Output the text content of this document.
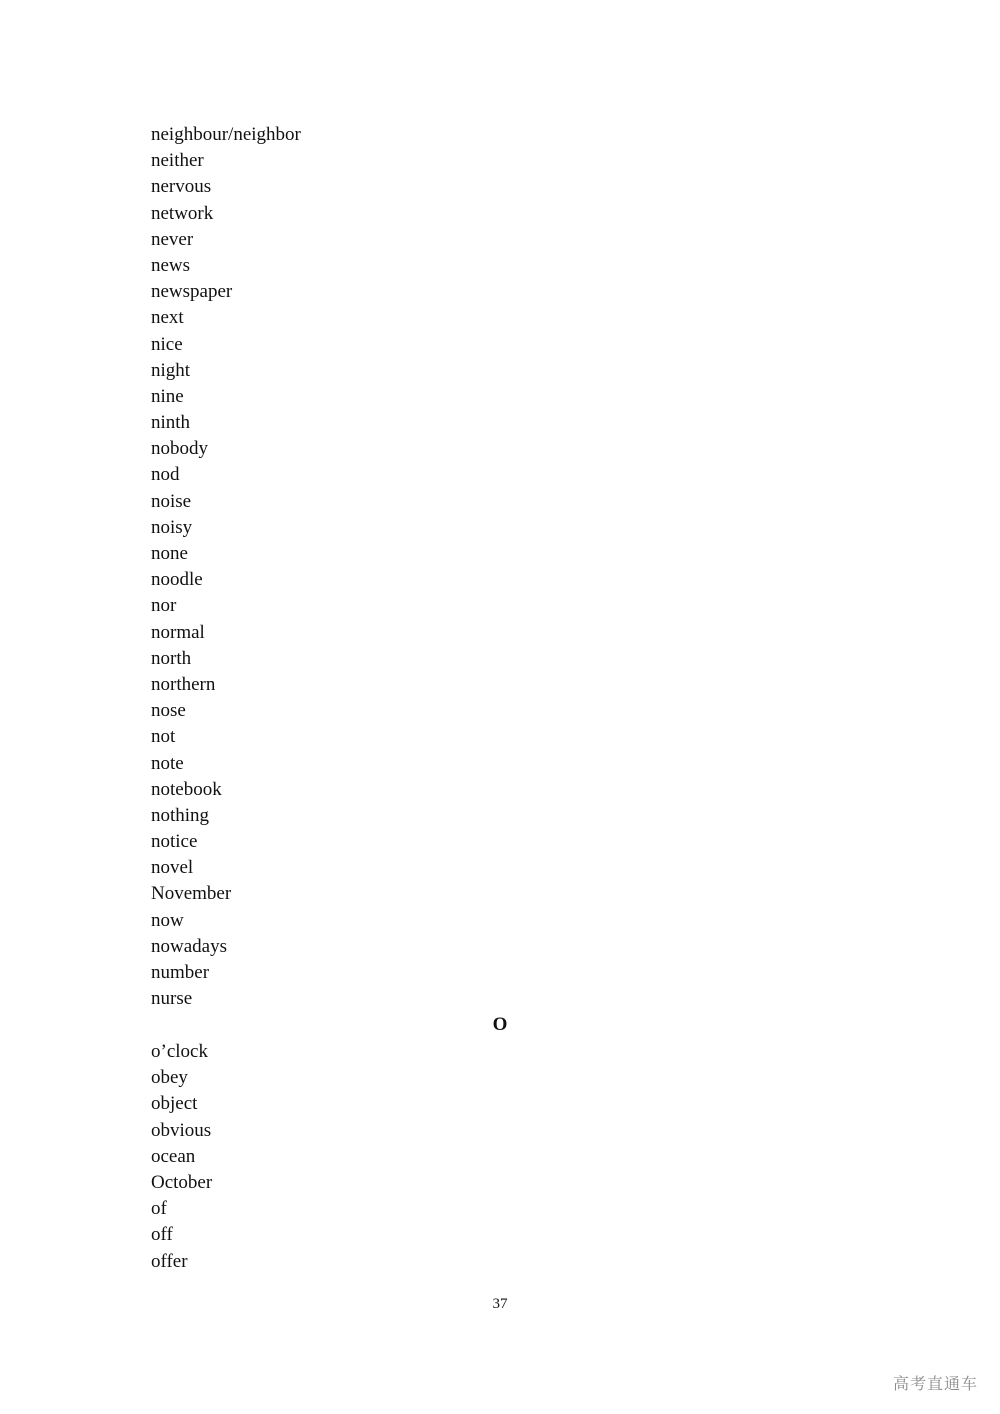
neighbour/neighbor
neither
nervous
network
never
news
newspaper
next
nice
night
nine
ninth
nobody
nod
noise
noisy
none
noodle
nor
normal
north
northern
nose
not
note
notebook
nothing
notice
novel
November
now
nowadays
number
nurse
O
o’clock
obey
object
obvious
ocean
October
of
off
offer
37
高考直通车
